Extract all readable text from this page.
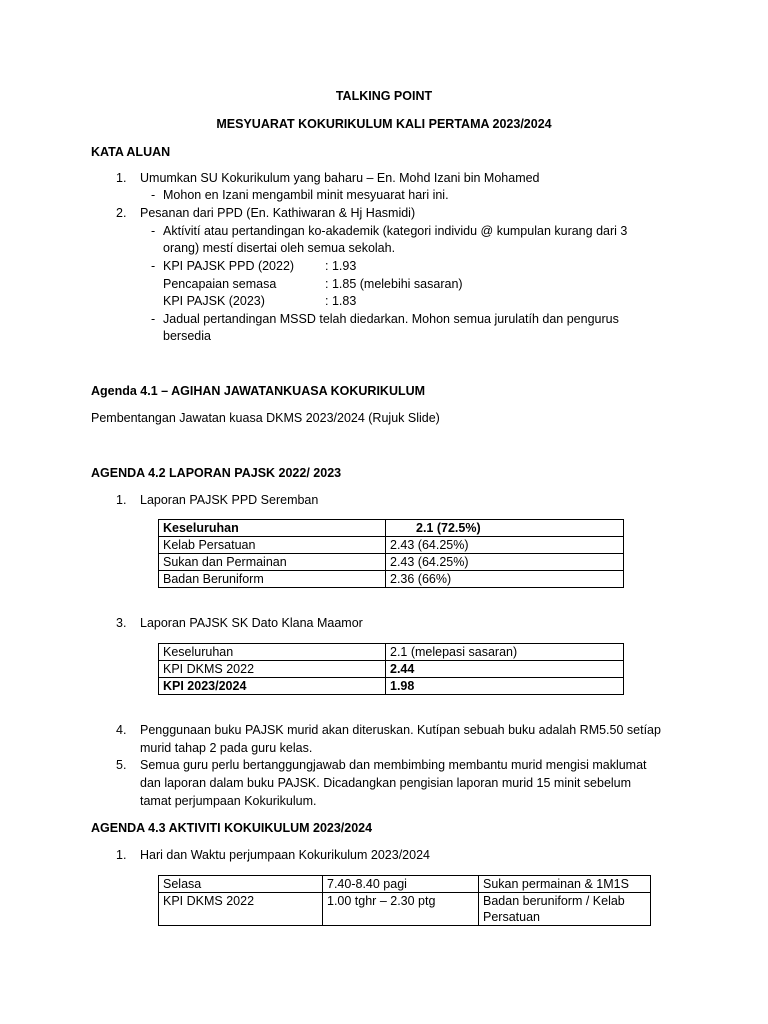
TALKING POINT
MESYUARAT KOKURIKULUM KALI PERTAMA 2023/2024
KATA ALUAN
1.	Umumkan SU Kokurikulum yang baharu – En. Mohd Izani bin Mohamed
- Mohon en Izani mengambil minit mesyuarat hari ini.
2.	Pesanan dari PPD (En. Kathiwaran & Hj Hasmidi)
- Aktívití atau pertandingan ko-akademik (kategori individu @ kumpulan kurang dari 3
orang) mestí disertai oleh semua sekolah.
- KPI PAJSK PPD (2022) : 1.93
Pencapaian semasa	: 1.85 (melebihi sasaran)
KPI PAJSK (2023)	: 1.83
- Jadual pertandingan MSSD telah diedarkan. Mohon semua jurulatíh dan pengurus
bersedia
Agenda 4.1 – AGIHAN JAWATANKUASA KOKURIKULUM
Pembentangan Jawatan kuasa DKMS 2023/2024 (Rujuk Slide)
AGENDA 4.2 LAPORAN PAJSK 2022/ 2023
1.	Laporan PAJSK PPD Seremban
Keseluruhan	2.1 (72.5%)
Kelab Persatuan	2.43 (64.25%)
Sukan dan Permainan	2.43 (64.25%)
Badan Beruniform	2.36 (66%)
3.	Laporan PAJSK SK Dato Klana Maamor
Keseluruhan	2.1 (melepasi sasaran)
KPI DKMS 2022	2.44
KPI 2023/2024	1.98
4.	Penggunaan buku PAJSK murid akan diteruskan. Kutípan sebuah buku adalah RM5.50 setíap
murid tahap 2 pada guru kelas.
5.	Semua guru perlu bertanggungjawab dan membimbing membantu murid mengisi maklumat
dan laporan dalam buku PAJSK. Dicadangkan pengisian laporan murid 15 minit sebelum
tamat perjumpaan Kokurikulum.
AGENDA 4.3 AKTIVITI KOKUIKULUM 2023/2024
1.	Hari dan Waktu perjumpaan Kokurikulum 2023/2024
Selasa	7.40-8.40 pagi	Sukan permainan & 1M1S
KPI DKMS 2022	1.00 tghr – 2.30 ptg	Badan beruniform / Kelab Persatuan
